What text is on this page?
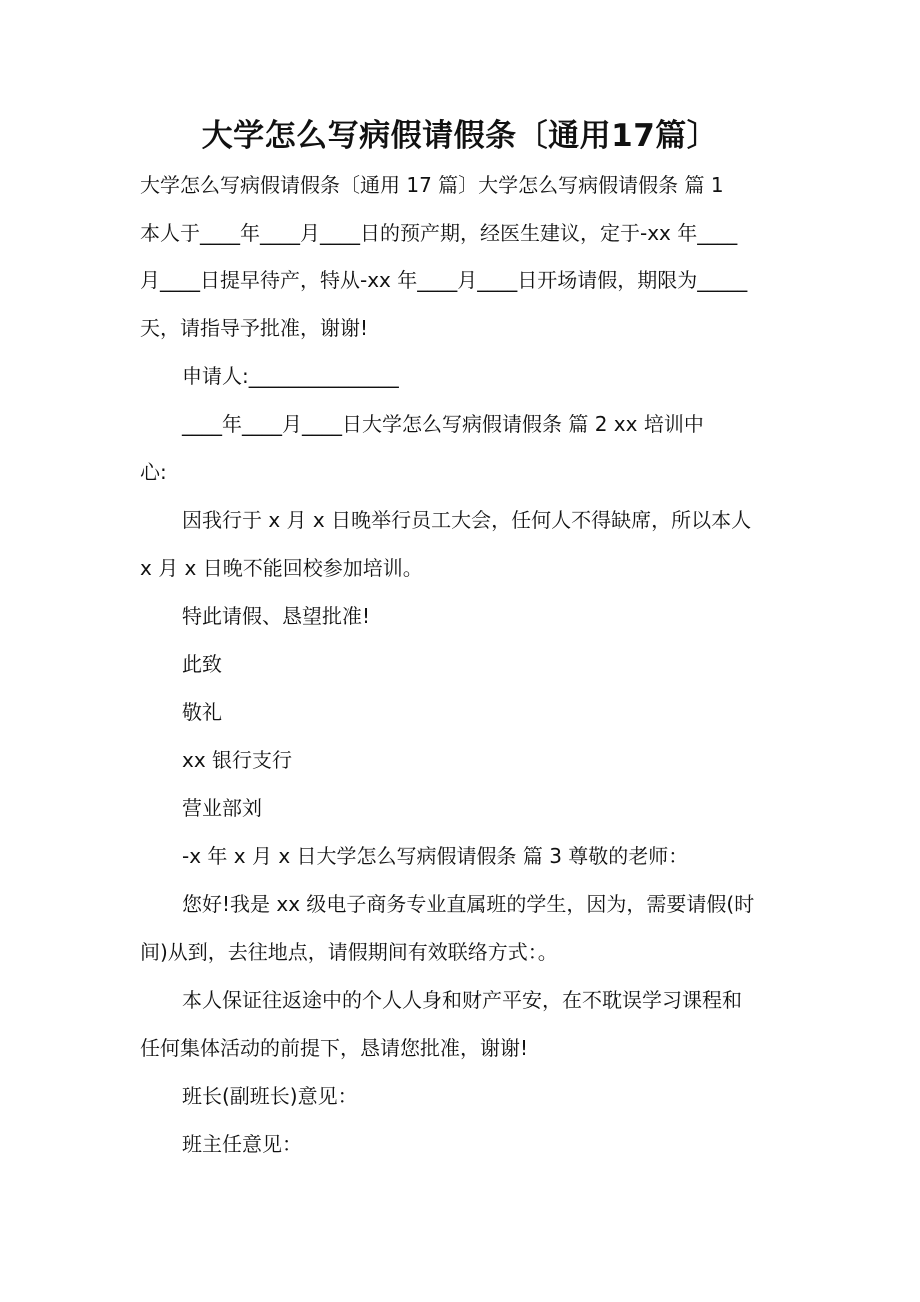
大学怎么写病假请假条〔通用17篇〕
大学怎么写病假请假条〔通用 17 篇〕大学怎么写病假请假条 篇 1
本人于____年____月____日的预产期，经医生建议，定于-xx 年____
月____日提早待产，特从-xx 年____月____日开场请假，期限为_____
天，请指导予批准，谢谢!
申请人:_______________
____年____月____日大学怎么写病假请假条 篇 2 xx 培训中
心:
因我行于 x 月 x 日晚举行员工大会，任何人不得缺席，所以本人
x 月 x 日晚不能回校参加培训。
特此请假、恳望批准!
此致
敬礼
xx 银行支行
营业部刘
-x 年 x 月 x 日大学怎么写病假请假条 篇 3 尊敬的老师：
您好!我是 xx 级电子商务专业直属班的学生，因为，需要请假(时
间)从到，去往地点，请假期间有效联络方式：。
本人保证往返途中的个人人身和财产平安，在不耽误学习课程和
任何集体活动的前提下，恳请您批准，谢谢!
班长(副班长)意见：
班主任意见：
